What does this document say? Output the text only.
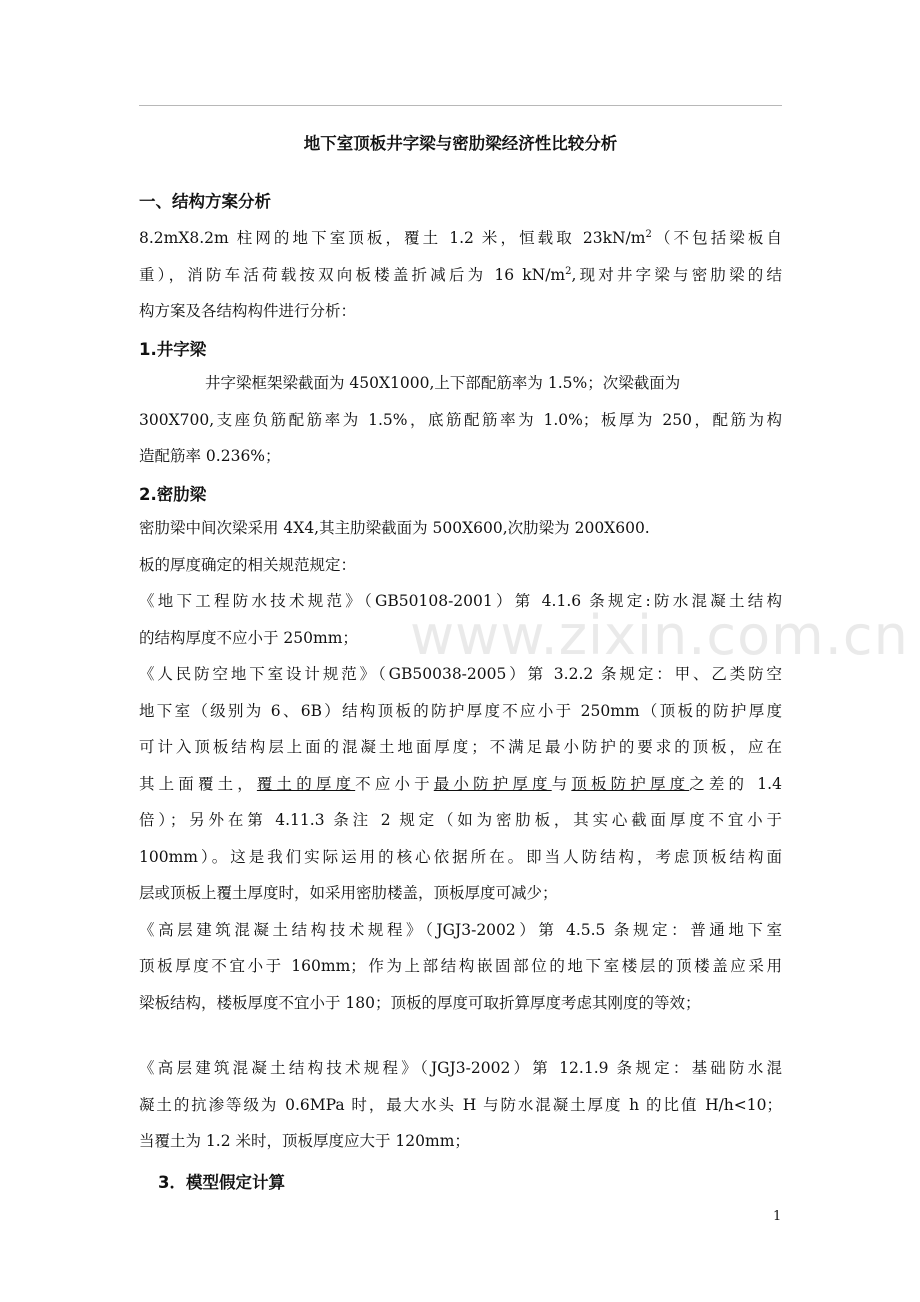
地下室顶板井字梁与密肋梁经济性比较分析
一、结构方案分析
8.2mX8.2m 柱网的地下室顶板，覆土 1.2 米，恒载取 $23kN/m^2$（不包括梁板自
重），消防车活荷载按双向板楼盖折减后为 16 $kN/m^2$,现对井字梁与密肋梁的结
构方案及各结构构件进行分析：
1.井字梁
井字梁框架梁截面为 450X1000,上下部配筋率为 1.5%；次梁截面为
300X700,支座负筋配筋率为 1.5%，底筋配筋率为 1.0%；板厚为 250，配筋为构
造配筋率 0.236%；
2.密肋梁
密肋梁中间次梁采用 4X4,其主肋梁截面为 500X600,次肋梁为 200X600.
板的厚度确定的相关规范规定：
《地下工程防水技术规范》（GB50108-2001）第 4.1.6 条规定:防水混凝土结构
的结构厚度不应小于 250mm；
《人民防空地下室设计规范》（GB50038-2005）第 3.2.2 条规定：甲、乙类防空
地下室（级别为 6、6B）结构顶板的防护厚度不应小于 250mm（顶板的防护厚度
可计入顶板结构层上面的混凝土地面厚度；不满足最小防护的要求的顶板，应在
其上面覆土，覆土的厚度不应小于最小防护厚度与顶板防护厚度之差的 1.4
倍）；另外在第 4.11.3 条注 2 规定（如为密肋板，其实心截面厚度不宜小于
100mm）。这是我们实际运用的核心依据所在。即当人防结构，考虑顶板结构面
层或顶板上覆土厚度时，如采用密肋楼盖，顶板厚度可减少；
《高层建筑混凝土结构技术规程》（JGJ3-2002）第 4.5.5 条规定：普通地下室
顶板厚度不宜小于 160mm；作为上部结构嵌固部位的地下室楼层的顶楼盖应采用
梁板结构，楼板厚度不宜小于 180；顶板的厚度可取折算厚度考虑其刚度的等效；
《高层建筑混凝土结构技术规程》（JGJ3-2002）第 12.1.9 条规定：基础防水混
凝土的抗渗等级为 0.6MPa 时，最大水头 H 与防水混凝土厚度 h 的比值 H/h<10；
当覆土为 1.2 米时，顶板厚度应大于 120mm；
3．模型假定计算
www.zixin.com.cn
1
